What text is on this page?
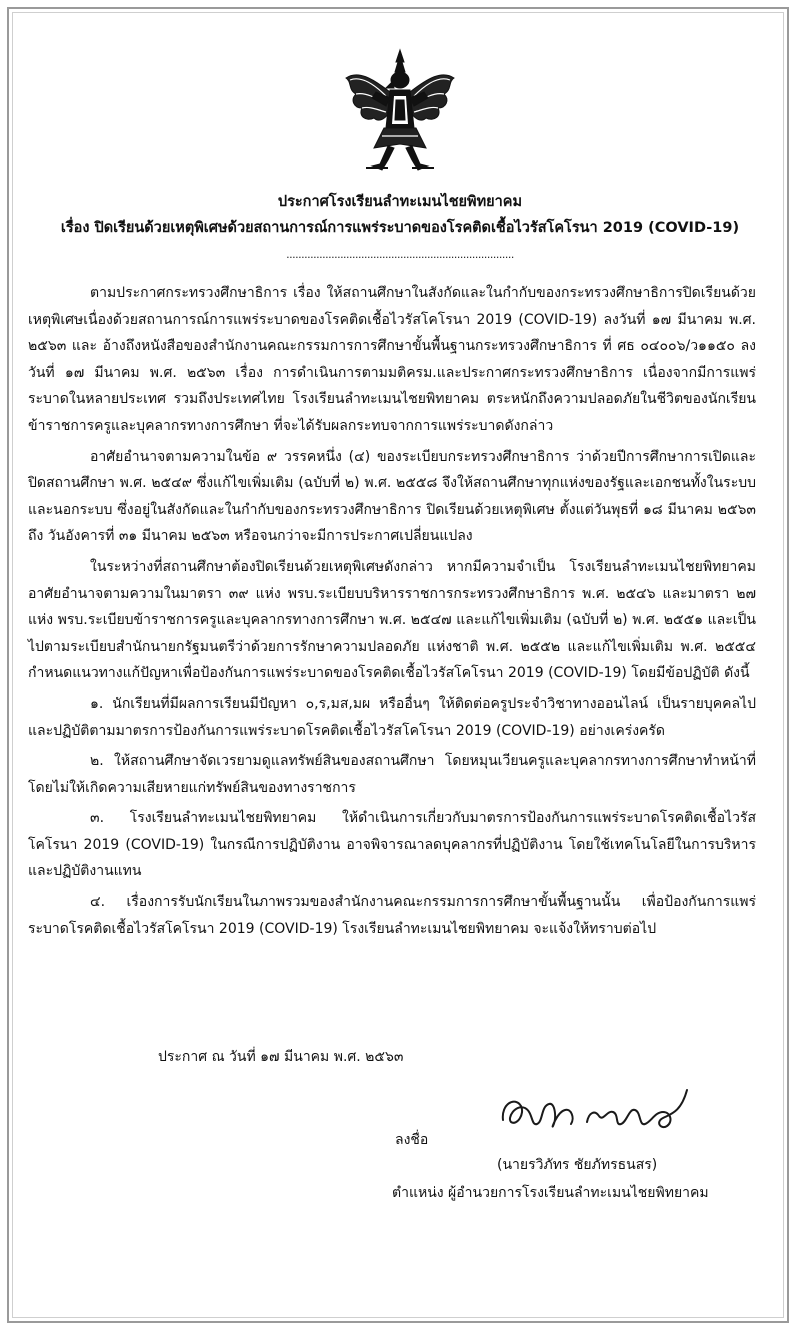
ประกาศโรงเรียนลำทะเมนไชยพิทยาคม
เรื่อง ปิดเรียนด้วยเหตุพิเศษด้วยสถานการณ์การแพร่ระบาดของโรคติดเชื้อไวรัสโคโรนา 2019 (COVID-19)
............................................................................

ตามประกาศกระทรวงศึกษาธิการ เรื่อง ให้สถานศึกษาในสังกัดและในกำกับของกระทรวงศึกษาธิการปิดเรียนด้วยเหตุพิเศษเนื่องด้วยสถานการณ์การแพร่ระบาดของโรคติดเชื้อไวรัสโคโรนา 2019 (COVID-19) ลงวันที่ ๑๗ มีนาคม พ.ศ. ๒๕๖๓ และ อ้างถึงหนังสือของสำนักงานคณะกรรมการการศึกษาขั้นพื้นฐานกระทรวงศึกษาธิการ ที่ ศธ ๐๔๐๐๖/ว๑๑๕๐ ลงวันที่ ๑๗ มีนาคม พ.ศ. ๒๕๖๓ เรื่อง การดำเนินการตามมติครม.และประกาศกระทรวงศึกษาธิการ เนื่องจากมีการแพร่ระบาดในหลายประเทศ รวมถึงประเทศไทย โรงเรียนลำทะเมนไชยพิทยาคม ตระหนักถึงความปลอดภัยในชีวิตของนักเรียน ข้าราชการครูและบุคลากรทางการศึกษา ที่จะได้รับผลกระทบจากการแพร่ระบาดดังกล่าว

อาศัยอำนาจตามความในข้อ ๙ วรรคหนึ่ง (๔) ของระเบียบกระทรวงศึกษาธิการ ว่าด้วยปีการศึกษาการเปิดและปิดสถานศึกษา พ.ศ. ๒๕๔๙ ซึ่งแก้ไขเพิ่มเติม (ฉบับที่ ๒) พ.ศ. ๒๕๕๘ จึงให้สถานศึกษาทุกแห่งของรัฐและเอกชนทั้งในระบบและนอกระบบ ซึ่งอยู่ในสังกัดและในกำกับของกระทรวงศึกษาธิการ ปิดเรียนด้วยเหตุพิเศษ ตั้งแต่วันพุธที่ ๑๘ มีนาคม ๒๕๖๓ ถึง วันอังคารที่ ๓๑ มีนาคม ๒๕๖๓ หรือจนกว่าจะมีการประกาศเปลี่ยนแปลง

ในระหว่างที่สถานศึกษาต้องปิดเรียนด้วยเหตุพิเศษดังกล่าว หากมีความจำเป็น โรงเรียนลำทะเมนไชยพิทยาคม อาศัยอำนาจตามความในมาตรา ๓๙ แห่ง พรบ.ระเบียบบริหารราชการกระทรวงศึกษาธิการ พ.ศ. ๒๕๔๖ และมาตรา ๒๗ แห่ง พรบ.ระเบียบข้าราชการครูและบุคลากรทางการศึกษา พ.ศ. ๒๕๔๗ และแก้ไขเพิ่มเติม (ฉบับที่ ๒) พ.ศ. ๒๕๕๑ และเป็นไปตามระเบียบสำนักนายกรัฐมนตรีว่าด้วยการรักษาความปลอดภัย แห่งชาติ พ.ศ. ๒๕๕๒ และแก้ไขเพิ่มเติม พ.ศ. ๒๕๕๔ กำหนดแนวทางแก้ปัญหาเพื่อป้องกันการแพร่ระบาดของโรคติดเชื้อไวรัสโคโรนา 2019 (COVID-19) โดยมีข้อปฏิบัติ ดังนี้

๑. นักเรียนที่มีผลการเรียนมีปัญหา ๐,ร,มส,มผ หรืออื่นๆ ให้ติดต่อครูประจำวิชาทางออนไลน์ เป็นรายบุคคลไป และปฏิบัติตามมาตรการป้องกันการแพร่ระบาดโรคติดเชื้อไวรัสโคโรนา 2019 (COVID-19) อย่างเคร่งครัด

๒. ให้สถานศึกษาจัดเวรยามดูแลทรัพย์สินของสถานศึกษา โดยหมุนเวียนครูและบุคลากรทางการศึกษาทำหน้าที่โดยไม่ให้เกิดความเสียหายแก่ทรัพย์สินของทางราชการ

๓. โรงเรียนลำทะเมนไชยพิทยาคม ให้ดำเนินการเกี่ยวกับมาตรการป้องกันการแพร่ระบาดโรคติดเชื้อไวรัสโคโรนา 2019 (COVID-19) ในกรณีการปฏิบัติงาน อาจพิจารณาลดบุคลากรที่ปฏิบัติงาน โดยใช้เทคโนโลยีในการบริหารและปฏิบัติงานแทน

๔. เรื่องการรับนักเรียนในภาพรวมของสำนักงานคณะกรรมการการศึกษาขั้นพื้นฐานนั้น เพื่อป้องกันการแพร่ระบาดโรคติดเชื้อไวรัสโคโรนา 2019 (COVID-19) โรงเรียนลำทะเมนไชยพิทยาคม จะแจ้งให้ทราบต่อไป

ประกาศ ณ วันที่ ๑๗ มีนาคม พ.ศ. ๒๕๖๓
ลงชื่อ
(นายรวิภัทร ชัยภัทรธนสร)
ตำแหน่ง ผู้อำนวยการโรงเรียนลำทะเมนไชยพิทยาคม
